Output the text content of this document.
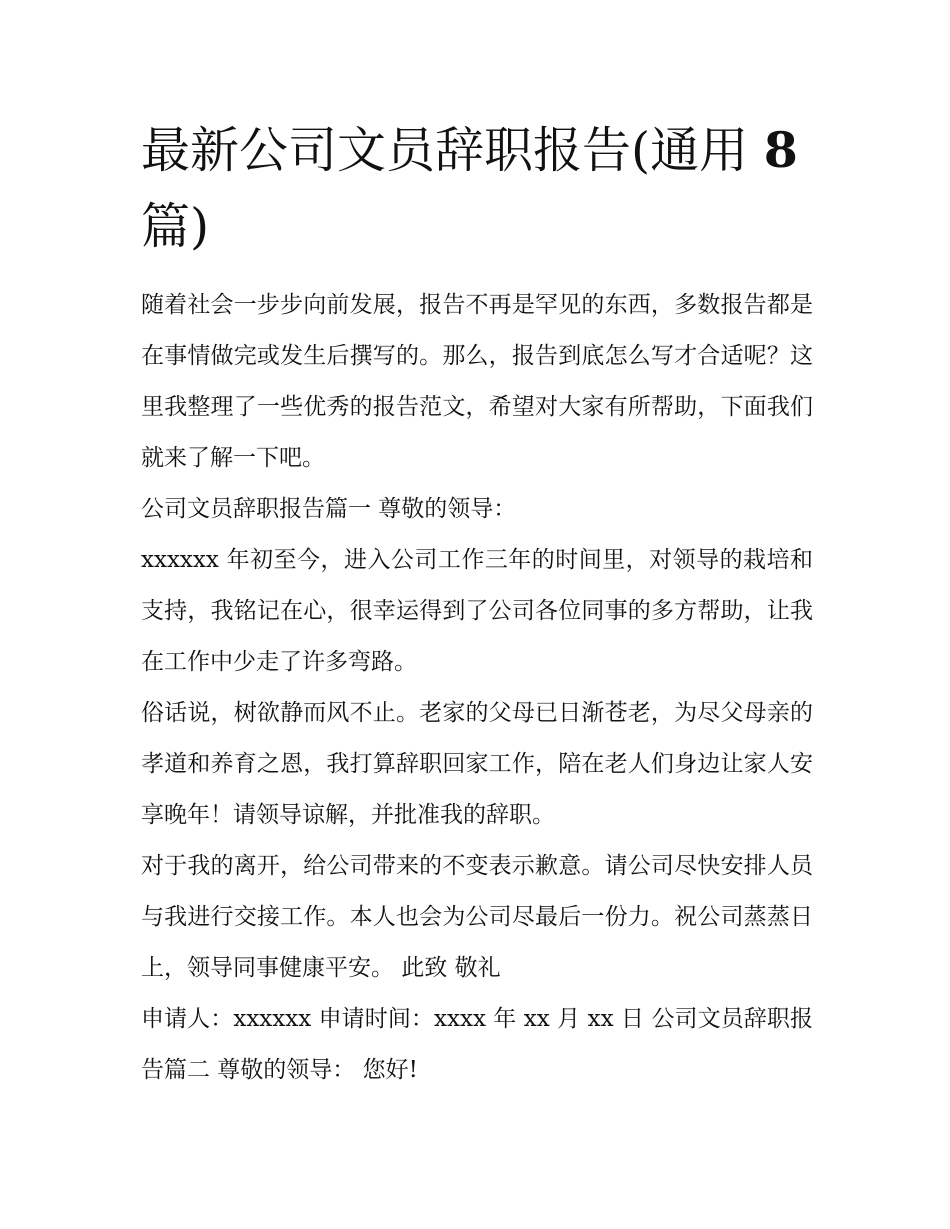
最新公司文员辞职报告(通用 8
篇)

随着社会一步步向前发展，报告不再是罕见的东西，多数报告都是在事情做完或发生后撰写的。那么，报告到底怎么写才合适呢？这里我整理了一些优秀的报告范文，希望对大家有所帮助，下面我们就来了解一下吧。

公司文员辞职报告篇一 尊敬的领导：

xxxxxx 年初至今，进入公司工作三年的时间里，对领导的栽培和支持，我铭记在心，很幸运得到了公司各位同事的多方帮助，让我在工作中少走了许多弯路。

俗话说，树欲静而风不止。老家的父母已日渐苍老，为尽父母亲的孝道和养育之恩，我打算辞职回家工作，陪在老人们身边让家人安享晚年！请领导谅解，并批准我的辞职。

对于我的离开，给公司带来的不变表示歉意。请公司尽快安排人员与我进行交接工作。本人也会为公司尽最后一份力。祝公司蒸蒸日上，领导同事健康平安。 此致 敬礼

申请人：xxxxxx 申请时间：xxxx 年 xx 月 xx 日 公司文员辞职报告篇二 尊敬的领导： 您好!
